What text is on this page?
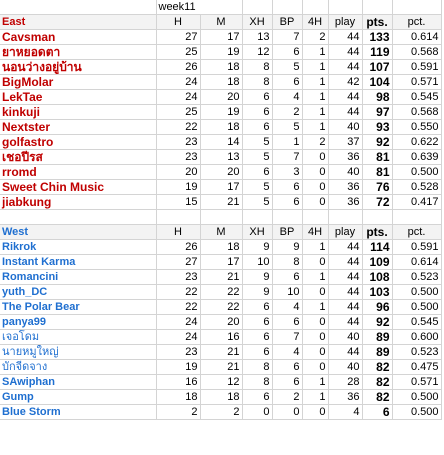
	week11							
East	H	M	XH	BP	4H	play	pts.	pct.
Cavsman	27	17	13	7	2	44	133	0.614
ยาหยอดตา	25	19	12	6	1	44	119	0.568
นอนว่างอยู่บ้าน	26	18	8	5	1	44	107	0.591
BigMolar	24	18	8	6	1	42	104	0.571
LekTae	24	20	6	4	1	44	98	0.545
kinkuji	25	19	6	2	1	44	97	0.568
Nextster	22	18	6	5	1	40	93	0.550
golfastro	23	14	5	1	2	37	92	0.622
เชอปีรส	23	13	5	7	0	36	81	0.639
rromd	20	20	6	3	0	40	81	0.500
Sweet Chin Music	19	17	5	6	0	36	76	0.528
jiabkung	15	21	5	6	0	36	72	0.417

West	H	M	XH	BP	4H	play	pts.	pct.
Rikrok	26	18	9	9	1	44	114	0.591
Instant Karma	27	17	10	8	0	44	109	0.614
Romancini	23	21	9	6	1	44	108	0.523
yuth_DC	22	22	9	10	0	44	103	0.500
The Polar Bear	22	22	6	4	1	44	96	0.500
panya99	24	20	6	6	0	44	92	0.545
เจอโดม	24	16	6	7	0	40	89	0.600
นายหมูใหญ่	23	21	6	4	0	44	89	0.523
บักจีดจาง	19	21	8	6	0	40	82	0.475
SAwiphan	16	12	8	6	1	28	82	0.571
Gump	18	18	6	2	1	36	82	0.500
Blue Storm	2	2	0	0	0	4	6	0.500
